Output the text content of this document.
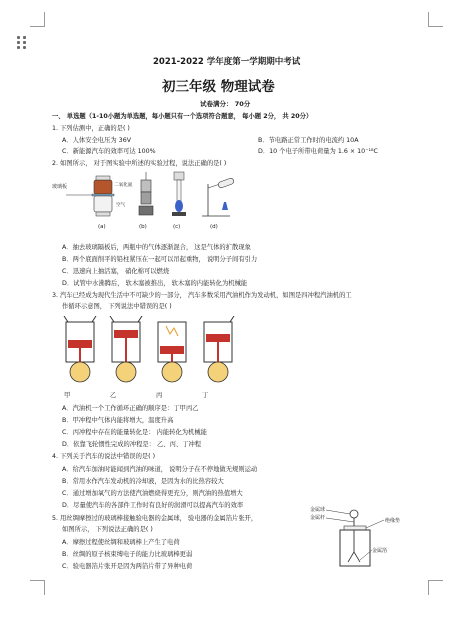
2021-2022 学年度第一学期期中考试
初三年级 物理试卷
试卷满分： 70分
一、 单选题（1-10小题为单选题，每小题只有一个选项符合题意， 每小题 2分， 共 20分）
1. 下列估测中，正确的是( )
A．人体安全电压为 36V	B．节电路正常工作时的电流约 10A
C．新能源汽车的效率可达 100%	D．10 个电子所带电荷量为 1.6 × 10⁻¹⁸C
2. 如图所示， 对于图实验中所述的实验过程，说法正确的是( )
玻璃板	二氧化氮
空气
(a)	(b)	(c)	(d)
A．抽去玻璃隔板后，两瓶中的气体逐渐混合， 这是气体的扩散现象
B．两个底面削平的铅柱紧压在一起可以吊起重物， 说明分子间有引力
C．迅速向上抽活塞， 硝化棉可以燃烧
D．试管中水沸腾后， 软木塞被推出， 软木塞的内能转化为机械能
3. 汽车已经成为现代生活中不可缺少的一部分， 汽车多数采用汽油机作为发动机，如图是四冲程汽油机的工
作循环示意图， 下列说法中错误的是( )
甲	乙	丙	丁
A．汽油机一个工作循环正确的顺序是：丁甲丙乙
B．甲冲程中气体内能将增大，温度升高
C．丙冲程中存在的能量转化是： 内能转化为机械能
D．依靠飞轮惯性完成的冲程是： 乙、丙、丁冲程
4. 下列关于汽车的说法中错误的是( )
A．给汽车加油时能闻到汽油的味道， 说明分子在不停地做无规则运动
B．常用水作汽车发动机的冷却液，是因为水的比热容较大
C．通过增加氧气的方法使汽油燃烧得更充分，则汽油的热值增大
D．尽量使汽车的各部件工作时有良好的润滑可以提高汽车的效率
5. 用丝绸摩擦过的玻璃棒接触验电器的金属球， 验电器的金属箔片张开，
如图所示， 下列说法正确的是( )
A．摩擦过程使丝绸和玻璃棒上产生了电荷
B．丝绸的原子核束缚电子的能力比玻璃棒更弱
C．验电器箔片张开是因为两箔片带了异种电荷
金属球
金属杆	绝缘垫
金属箔
